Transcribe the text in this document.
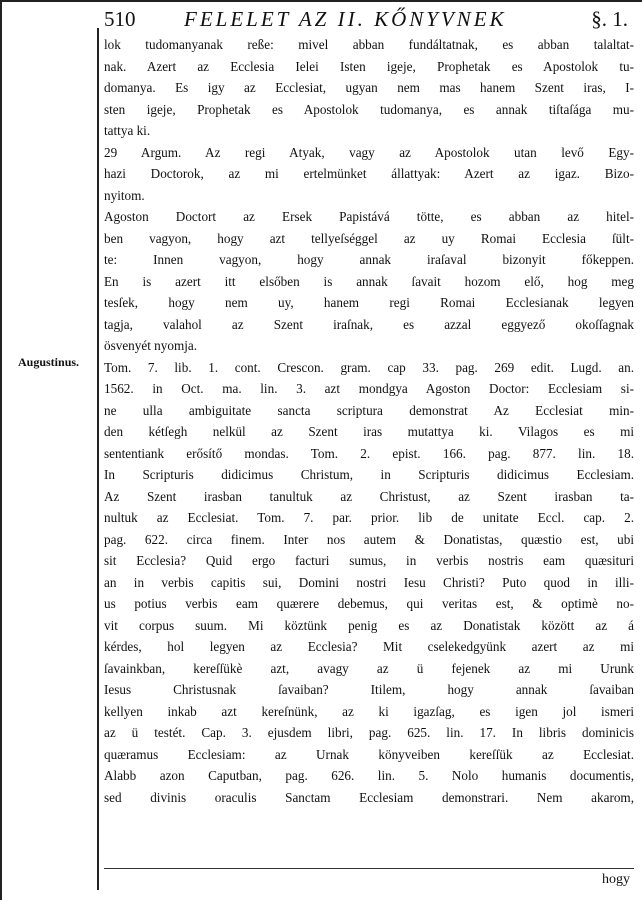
510 FELELET AZ II. KŐNYVNEK	§. 1.
Augustinus.
lok tudomanyanak reße: mivel abban fundáltatnak, es abban talaltat-
nak. Azert az Ecclesia Ielei Isten igeje, Prophetak es Apostolok tu-
domanya. Es igy az Ecclesiat, ugyan nem mas hanem Szent iras, I-
sten igeje, Prophetak es Apostolok tudomanya, es annak tiſtaſága mu-
tattya ki.
29 Argum. Az regi Atyak, vagy az Apostolok utan levő Egy-
hazi Doctorok, az mi ertelmünket állattyak: Azert az igaz. Bizo-
nyitom.
Agoston Doctort az Ersek Papistává tötte, es abban az hitel-
ben vagyon, hogy azt tellyeſséggel az uy Romai Ecclesia ſült-
te: Innen vagyon, hogy annak iraſaval bizonyit főkeppen.
En is azert itt elsőben is annak ſavait hozom elő, hog meg
tesſek, hogy nem uy, hanem regi Romai Ecclesianak legyen
tagja, valahol az Szent iraſnak, es azzal eggyező okoſſagnak
ösvenyét nyomja.
Tom. 7. lib. 1. cont. Crescon. gram. cap 33. pag. 269 edit. Lugd. an.
1562. in Oct. ma. lin. 3. azt mondgya Agoston Doctor: Ecclesiam si-
ne ulla ambiguitate sancta scriptura demonstrat Az Ecclesiat min-
den kétſegh nelkül az Szent iras mutattya ki. Vilagos es mi
sententiank erősítő mondas. Tom. 2. epist. 166. pag. 877. lin. 18.
In Scripturis didicimus Christum, in Scripturis didicimus Ecclesiam.
Az Szent irasban tanultuk az Christust, az Szent irasban ta-
nultuk az Ecclesiat. Tom. 7. par. prior. lib de unitate Eccl. cap. 2.
pag. 622. circa finem. Inter nos autem & Donatistas, quæstio est, ubi
sit Ecclesia? Quid ergo facturi sumus, in verbis nostris eam quæsituri
an in verbis capitis sui, Domini nostri Iesu Christi? Puto quod in illi-
us potius verbis eam quærere debemus, qui veritas est, & optimè no-
vit corpus suum. Mi köztünk penig es az Donatistak között az á
kérdes, hol legyen az Ecclesia? Mit cselekedgyünk azert az mi
ſavainkban, kereſſükè azt, avagy az ü fejenek az mi Urunk
Iesus Christusnak ſavaiban? Itilem, hogy annak ſavaiban
kellyen inkab azt kereſnünk, az ki igazſag, es igen jol ismeri
az ü testét. Cap. 3. ejusdem libri, pag. 625. lin. 17. In libris dominicis
quæramus Ecclesiam: az Urnak könyveiben kereſſük az Ecclesiat.
Alabb azon Caputban, pag. 626. lin. 5. Nolo humanis documentis,
sed divinis oraculis Sanctam Ecclesiam demonstrari. Nem akarom,
hogy
